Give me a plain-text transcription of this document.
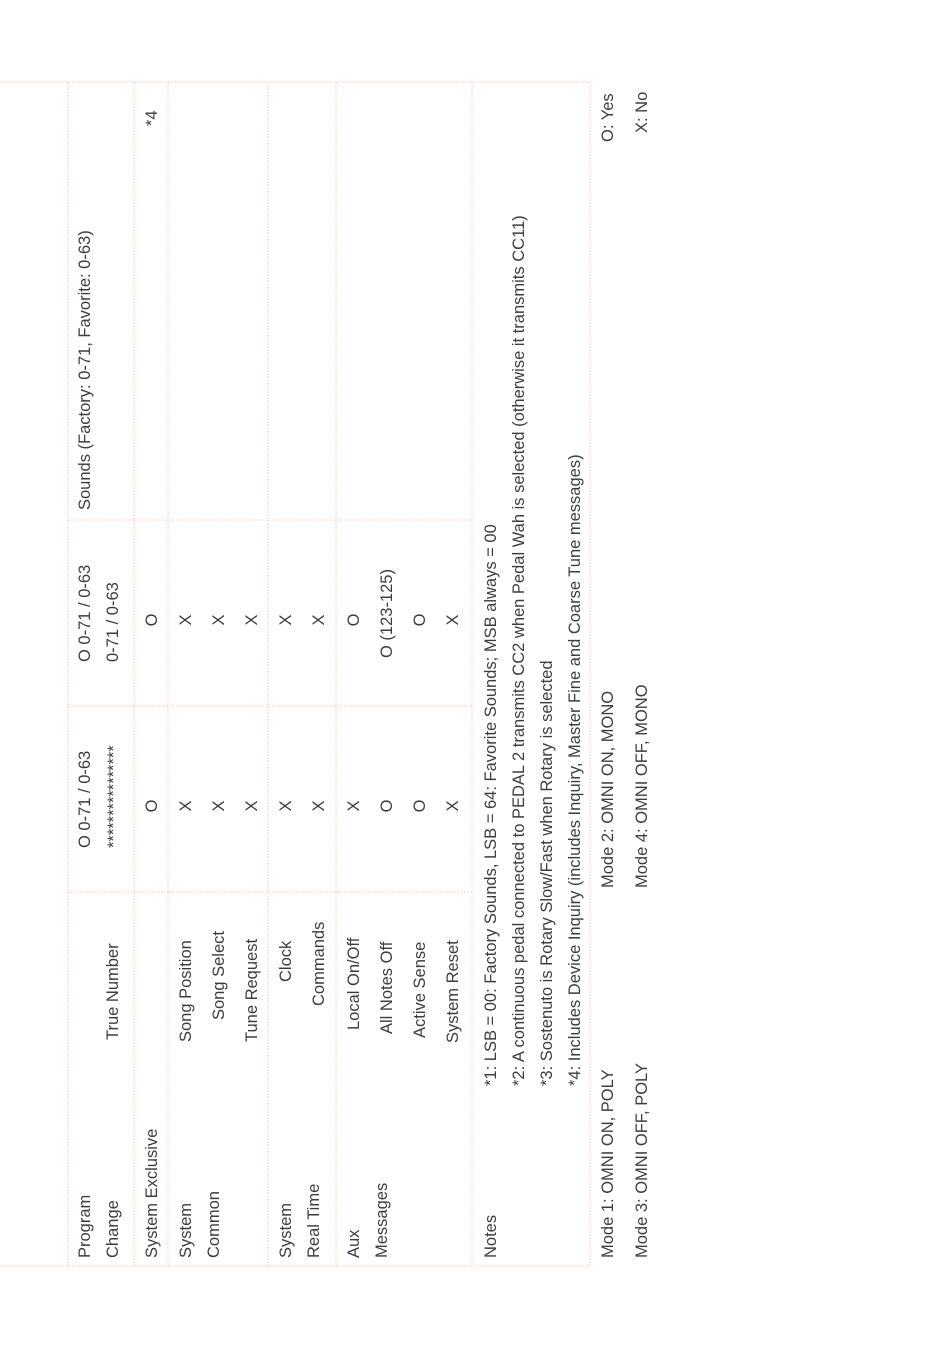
Program Change
True Number
O 0-71 / 0-63 ****************
O 0-71 / 0-63 0-71 / 0-63
Sounds (Factory: 0-71, Favorite: 0-63)
System Exclusive
O
O
*4
System Common
Song Position Song Select Tune Request
X X X
X X X
System Real Time
Clock Commands
X X
X X
Aux Messages
Local On/Off All Notes Off Active Sense System Reset
X O O X
O O (123-125) O X
Notes
*1: LSB = 00: Factory Sounds, LSB = 64: Favorite Sounds; MSB always = 00 *2: A continuous pedal connected to PEDAL 2 transmits CC2 when Pedal Wah is selected (otherwise it transmits CC11) *3: Sostenuto is Rotary Slow/Fast when Rotary is selected *4: Includes Device Inquiry (includes Inquiry, Master Fine and Coarse Tune messages)
Mode 1: OMNI ON, POLY
Mode 2: OMNI ON, MONO
Mode 3: OMNI OFF, POLY
Mode 4: OMNI OFF, MONO
O: Yes X: No
